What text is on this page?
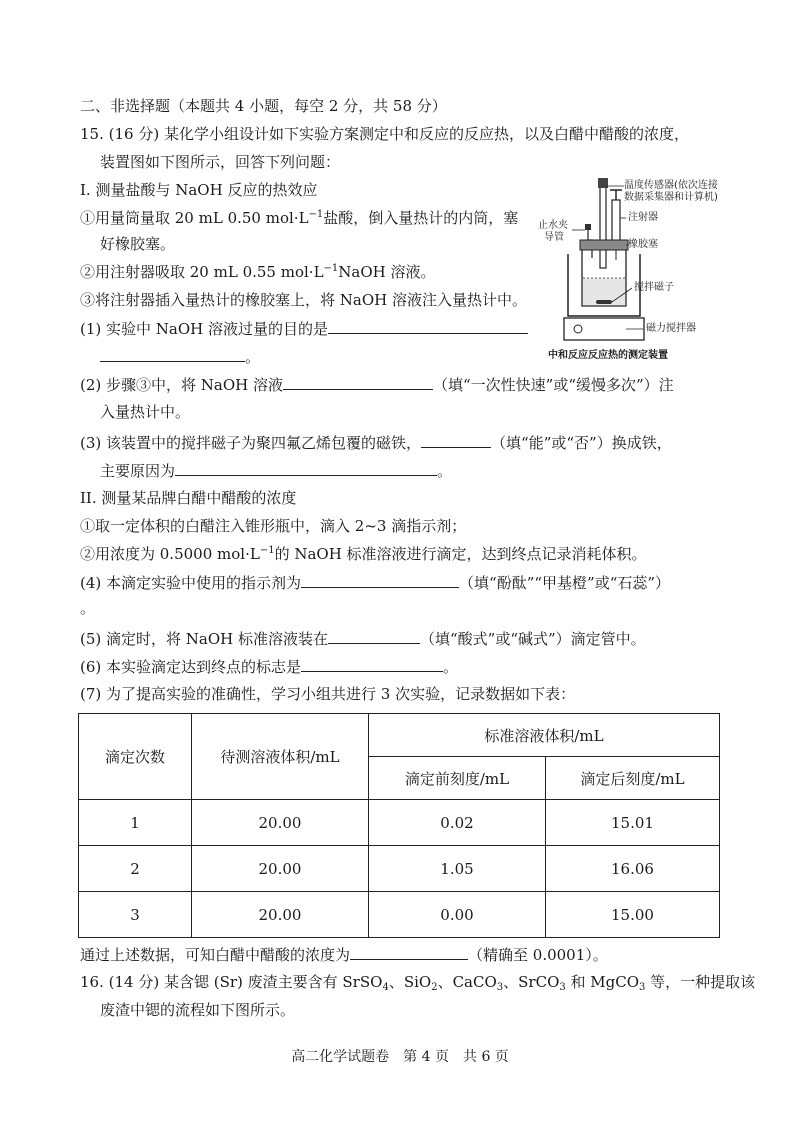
二、非选择题（本题共 4 小题，每空 2 分，共 58 分）
15. (16 分) 某化学小组设计如下实验方案测定中和反应的反应热，以及白醋中醋酸的浓度，
装置图如下图所示，回答下列问题：
I. 测量盐酸与 NaOH 反应的热效应
①用量筒量取 20 mL 0.50 $mol\cdot L^{-1}$盐酸，倒入量热计的内筒，塞
好橡胶塞。
②用注射器吸取 20 mL 0.55 $mol\cdot L^{-1}NaOH$ 溶液。
③将注射器插入量热计的橡胶塞上，将 NaOH 溶液注入量热计中。
(1) 实验中 NaOH 溶液过量的目的是
。
(2) 步骤③中，将 NaOH 溶液	（填“一次性快速”或“缓慢多次”）注
入量热计中。
(3) 该装置中的搅拌磁子为聚四氟乙烯包覆的磁铁，	（填“能”或“否”）换成铁，
主要原因为	。
II. 测量某品牌白醋中醋酸的浓度
①取一定体积的白醋注入锥形瓶中，滴入 2~3 滴指示剂；
②用浓度为 0.5000 $mol\cdot L^{-1}$的 NaOH 标准溶液进行滴定，达到终点记录消耗体积。
(4) 本滴定实验中使用的指示剂为	（填“酚酞”“甲基橙”或“石蕊”）
。
(5) 滴定时，将 NaOH 标准溶液装在	（填“酸式”或“碱式”）滴定管中。
(6) 本实验滴定达到终点的标志是	。
(7) 为了提高实验的准确性，学习小组共进行 3 次实验，记录数据如下表：
温度传感器(依次连接
数据采集器和计算机)
止水夹
导管
注射器
橡胶塞
搅拌磁子
磁力搅拌器
中和反应反应热的测定装置
滴定次数	待测溶液体积/mL	标准溶液体积/mL	
		滴定前刻度/mL	滴定后刻度/mL
1	20.00	0.02	15.01
2	20.00	1.05	16.06
3	20.00	0.00	15.00
通过上述数据，可知白醋中醋酸的浓度为	（精确至 0.0001）。
16. (14 分) 某含锶 (Sr) 废渣主要含有 SrSO$_4$、SiO$_2$、CaCO$_3$、SrCO$_3$ 和 MgCO$_3$ 等，一种提取该
废渣中锶的流程如下图所示。
高二化学试题卷　第 4 页　共 6 页
